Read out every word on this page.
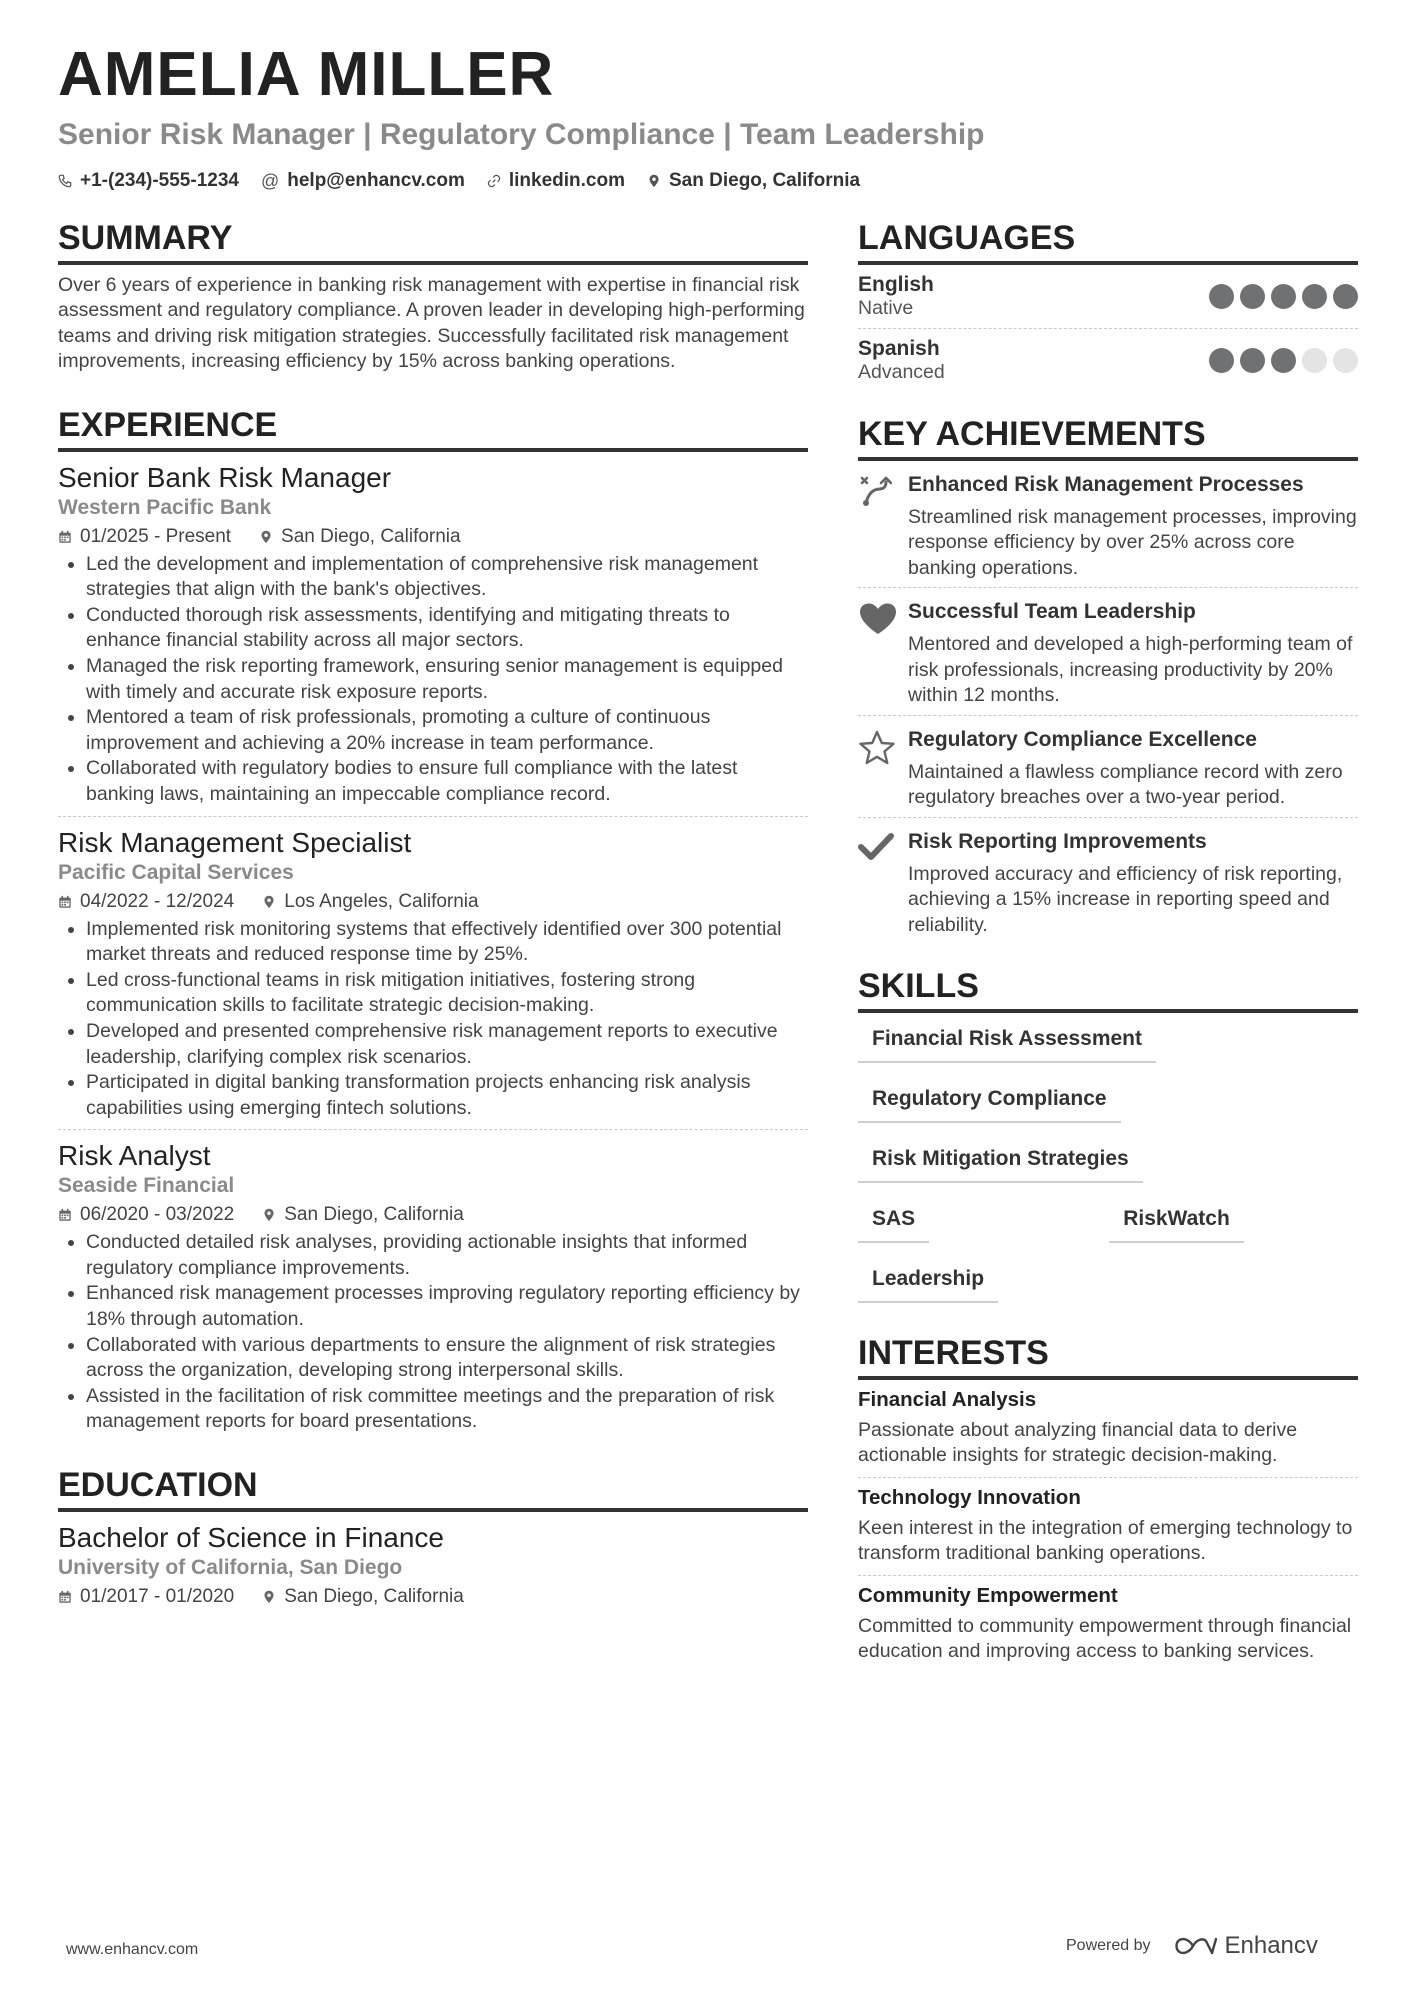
AMELIA MILLER

Senior Risk Manager | Regulatory Compliance | Team Leadership

+1-(234)-555-1234 @ help@enhancv.com linkedin.com San Diego, California
SUMMARY

Over 6 years of experience in banking risk management with expertise in financial risk assessment and regulatory compliance. A proven leader in developing high-performing teams and driving risk mitigation strategies. Successfully facilitated risk management improvements, increasing efficiency by 15% across banking operations.

EXPERIENCE

Senior Bank Risk Manager

Western Pacific Bank

01/2025 - Present	San Diego, California
• Led the development and implementation of comprehensive risk management strategies that align with the bank's objectives.
• Conducted thorough risk assessments, identifying and mitigating threats to enhance financial stability across all major sectors.
• Managed the risk reporting framework, ensuring senior management is equipped with timely and accurate risk exposure reports.
• Mentored a team of risk professionals, promoting a culture of continuous improvement and achieving a 20% increase in team performance.
• Collaborated with regulatory bodies to ensure full compliance with the latest banking laws, maintaining an impeccable compliance record.

Risk Management Specialist

Pacific Capital Services

04/2022 - 12/2024	Los Angeles, California
• Implemented risk monitoring systems that effectively identified over 300 potential market threats and reduced response time by 25%.
• Led cross-functional teams in risk mitigation initiatives, fostering strong communication skills to facilitate strategic decision-making.
• Developed and presented comprehensive risk management reports to executive leadership, clarifying complex risk scenarios.
• Participated in digital banking transformation projects enhancing risk analysis capabilities using emerging fintech solutions.

Risk Analyst

Seaside Financial

06/2020 - 03/2022	San Diego, California
• Conducted detailed risk analyses, providing actionable insights that informed regulatory compliance improvements.
• Enhanced risk management processes improving regulatory reporting efficiency by 18% through automation.
• Collaborated with various departments to ensure the alignment of risk strategies across the organization, developing strong interpersonal skills.
• Assisted in the facilitation of risk committee meetings and the preparation of risk management reports for board presentations.
EDUCATION

Bachelor of Science in Finance

University of California, San Diego

01/2017 - 01/2020	San Diego, California
LANGUAGES
English
Native
Spanish
Advanced
KEY ACHIEVEMENTS

Enhanced Risk Management Processes

Streamlined risk management processes, improving response efficiency by over 25% across core banking operations.

Successful Team Leadership

Mentored and developed a high-performing team of risk professionals, increasing productivity by 20% within 12 months.

Regulatory Compliance Excellence

Maintained a flawless compliance record with zero regulatory breaches over a two-year period.

Risk Reporting Improvements

Improved accuracy and efficiency of risk reporting, achieving a 15% increase in reporting speed and reliability.

SKILLS
Financial Risk Assessment
Regulatory Compliance
Risk Mitigation Strategies
SAS	RiskWatch
Leadership
INTERESTS

Financial Analysis

Passionate about analyzing financial data to derive actionable insights for strategic decision-making.

Technology Innovation

Keen interest in the integration of emerging technology to transform traditional banking operations.

Community Empowerment

Committed to community empowerment through financial education and improving access to banking services.

www.enhancv.com	Powered by	Enhancv
